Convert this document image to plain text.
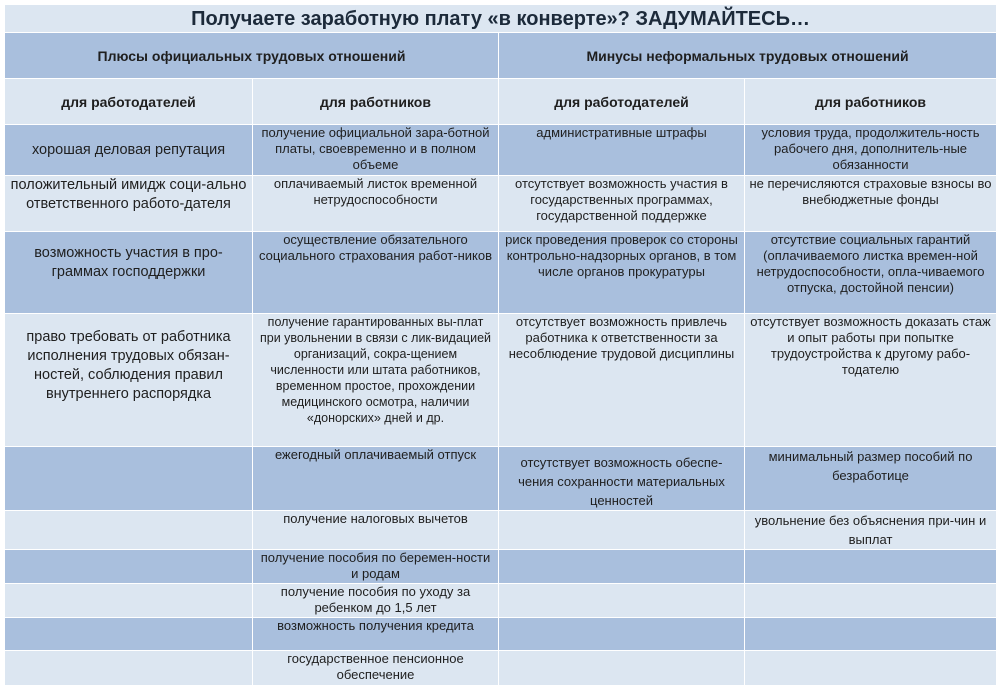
Получаете заработную плату «в конверте»? ЗАДУМАЙТЕСЬ…			
Плюсы официальных трудовых отношений		Минусы неформальных трудовых отношений	
для работодателей	для работников	для работодателей	для работников
хорошая деловая репутация	получение официальной зара-ботной платы, своевременно и в полном объеме	административные штрафы	условия труда, продолжитель-ность рабочего дня, дополнитель-ные обязанности
положительный имидж соци-ально ответственного работо-дателя	оплачиваемый листок временной нетрудоспособности	отсутствует возможность участия в государственных программах, государственной поддержке	не перечисляются страховые взносы во внебюджетные фонды
возможность участия в про-граммах господдержки	осуществление обязательного социального страхования работ-ников	риск проведения проверок со стороны контрольно-надзорных органов, в том числе органов прокуратуры	отсутствие социальных гарантий (оплачиваемого листка времен-ной нетрудоспособности, опла-чиваемого отпуска, достойной пенсии)
право требовать от работника исполнения трудовых обязан-ностей, соблюдения правил внутреннего распорядка	получение гарантированных вы-плат при увольнении в связи с лик-видацией организаций, сокра-щением численности или штата работников, временном простое, прохождении медицинского осмотра, наличии «донорских» дней и др.	отсутствует возможность привлечь работника к ответственности за несоблюдение трудовой дисциплины	отсутствует возможность доказать стаж и опыт работы при попытке трудоустройства к другому рабо-тодателю
	ежегодный оплачиваемый отпуск	отсутствует возможность обеспе-чения сохранности материальных ценностей	минимальный размер пособий по безработице
	получение налоговых вычетов		увольнение без объяснения при-чин и выплат
	получение пособия по беремен-ности и родам		
	получение пособия по уходу за ребенком до 1,5 лет		
	возможность получения кредита		
	государственное пенсионное обеспечение		
